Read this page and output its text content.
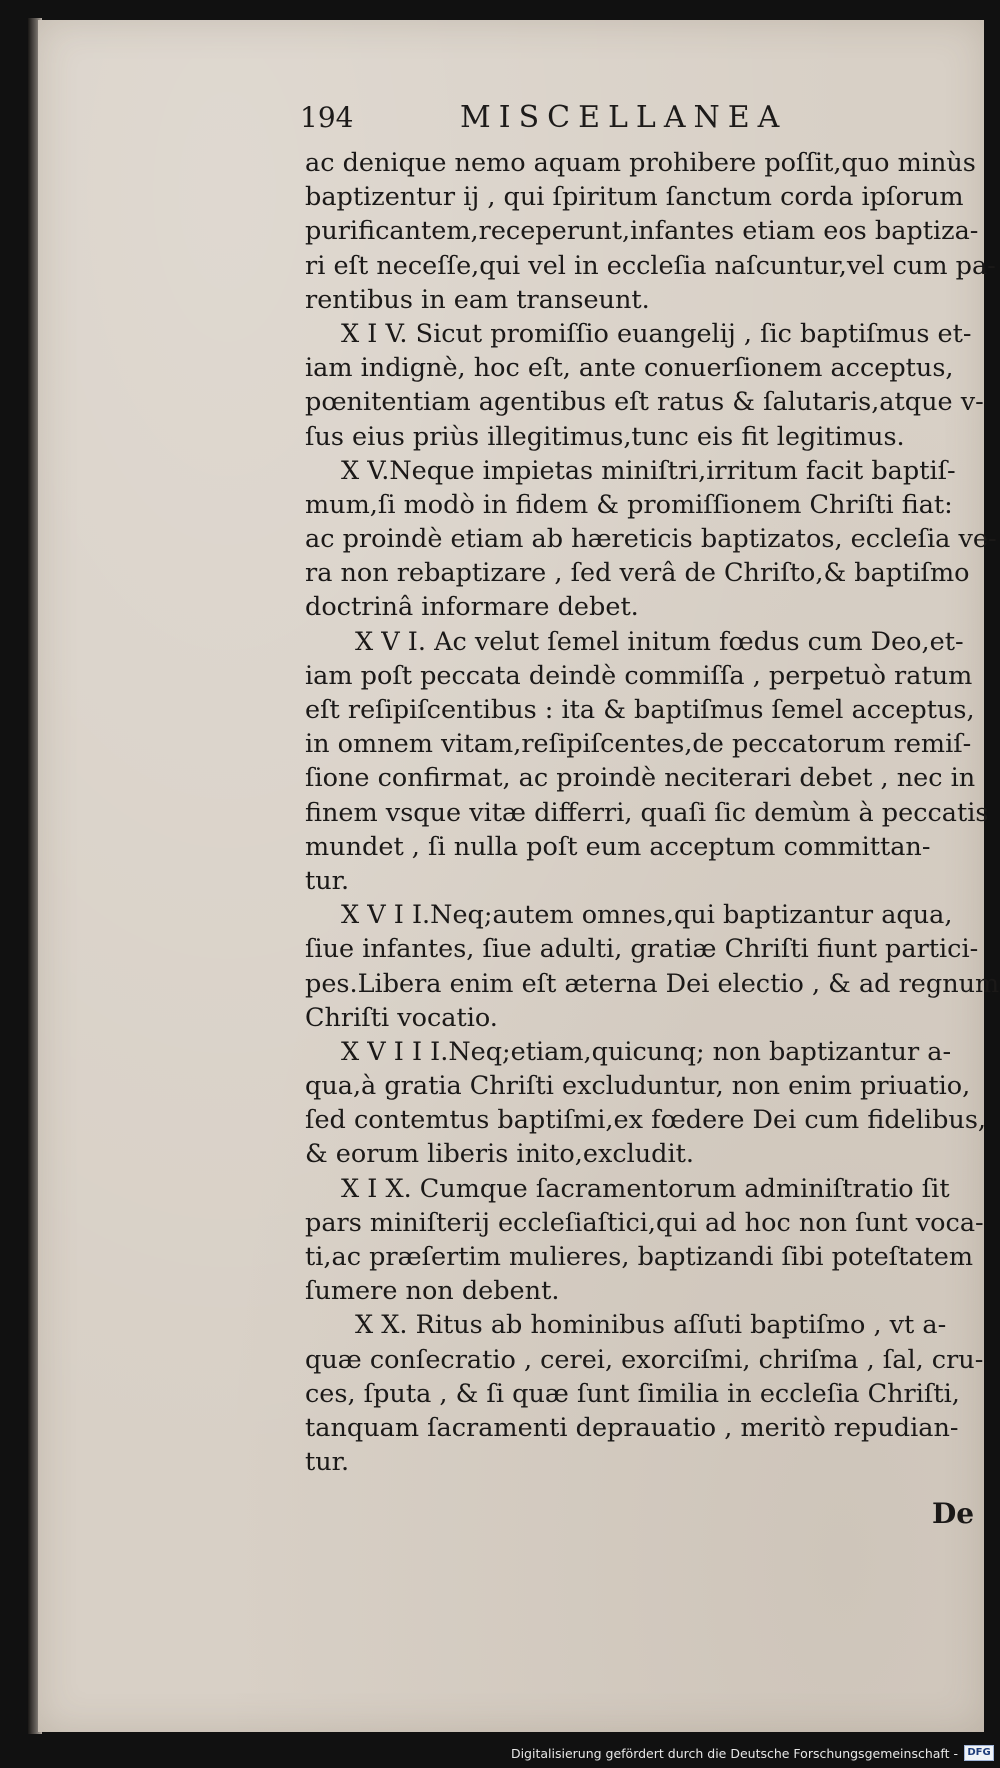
194	MISCELLANEA
ac denique nemo aquam prohibere poſſit,quo minùs
baptizentur ij , qui ſpiritum ſanctum corda ipſorum
purificantem,receperunt,infantes etiam eos baptiza-
ri eſt neceſſe,qui vel in eccleſia naſcuntur,vel cum pa-
rentibus in eam transeunt.
X I V. Sicut promiſſio euangelij , ſic baptiſmus et-
iam indignè, hoc eſt, ante conuerſionem acceptus,
pœnitentiam agentibus eſt ratus & ſalutaris,atque v-
ſus eius priùs illegitimus,tunc eis fit legitimus.
X V.Neque impietas miniſtri,irritum facit baptiſ-
mum,ſi modò in fidem & promiſſionem Chriſti fiat:
ac proindè etiam ab hæreticis baptizatos, eccleſia ve-
ra non rebaptizare , ſed verâ de Chriſto,& baptiſmo
doctrinâ informare debet.
X V I. Ac velut ſemel initum fœdus cum Deo,et-
iam poſt peccata deindè commiſſa , perpetuò ratum
eſt reſipiſcentibus : ita & baptiſmus ſemel acceptus,
in omnem vitam,reſipiſcentes,de peccatorum remiſ-
ſione confirmat, ac proindè neciterari debet , nec in
finem vsque vitæ differri, quaſi ſic demùm à peccatis
mundet , ſi nulla poſt eum acceptum committan-
tur.
X V I I.Neq;autem omnes,qui baptizantur aqua,
ſiue infantes, ſiue adulti, gratiæ Chriſti fiunt partici-
pes.Libera enim eſt æterna Dei electio , & ad regnum
Chriſti vocatio.
X V I I I.Neq;etiam,quicunq; non baptizantur a-
qua,à gratia Chriſti excluduntur, non enim priuatio,
ſed contemtus baptiſmi,ex fœdere Dei cum fidelibus,
& eorum liberis inito,excludit.
X I X. Cumque ſacramentorum adminiſtratio ſit
pars miniſterij eccleſiaſtici,qui ad hoc non ſunt voca-
ti,ac præſertim mulieres, baptizandi ſibi poteſtatem
ſumere non debent.
X X. Ritus ab hominibus aſſuti baptiſmo , vt a-
quæ conſecratio , cerei, exorciſmi, chriſma , ſal, cru-
ces, ſputa , & ſi quæ ſunt ſimilia in eccleſia Chriſti,
tanquam ſacramenti deprauatio , meritò repudian-
tur.
De
Digitalisierung gefördert durch die Deutsche Forschungsgemeinschaft - DFG
